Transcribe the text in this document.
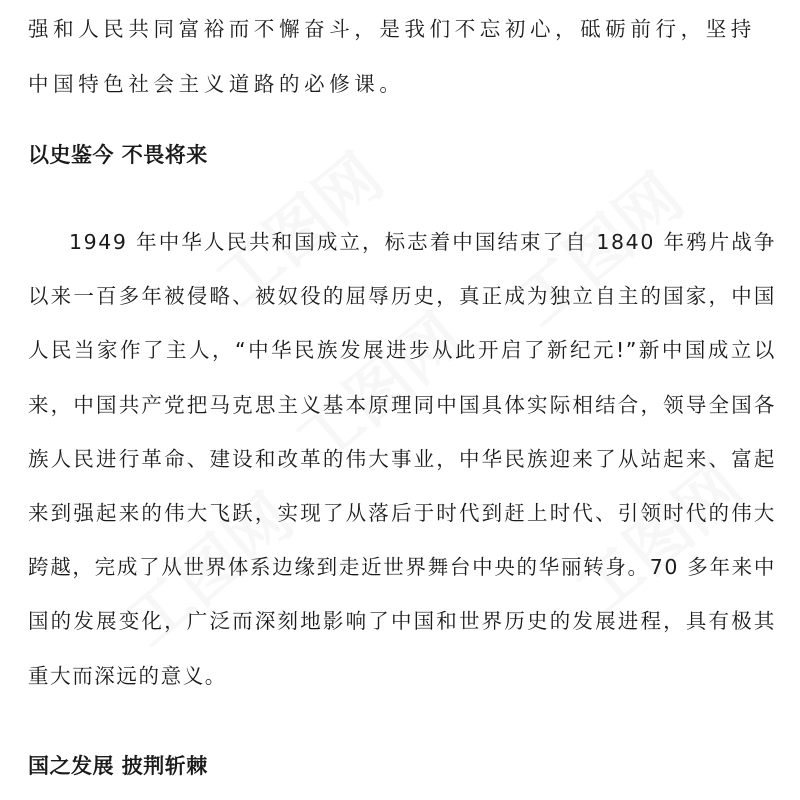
强和人民共同富裕而不懈奋斗，是我们不忘初心，砥砺前行，坚持中国特色社会主义道路的必修课。

以史鉴今 不畏将来

1949 年中华人民共和国成立，标志着中国结束了自 1840 年鸦片战争以来一百多年被侵略、被奴役的屈辱历史，真正成为独立自主的国家，中国人民当家作了主人，“中华民族发展进步从此开启了新纪元!”新中国成立以来，中国共产党把马克思主义基本原理同中国具体实际相结合，领导全国各族人民进行革命、建设和改革的伟大事业，中华民族迎来了从站起来、富起来到强起来的伟大飞跃，实现了从落后于时代到赶上时代、引领时代的伟大跨越，完成了从世界体系边缘到走近世界舞台中央的华丽转身。70 多年来中国的发展变化，广泛而深刻地影响了中国和世界历史的发展进程，具有极其重大而深远的意义。

国之发展 披荆斩棘
工图网 工图网
工图网
工图网	工图网
